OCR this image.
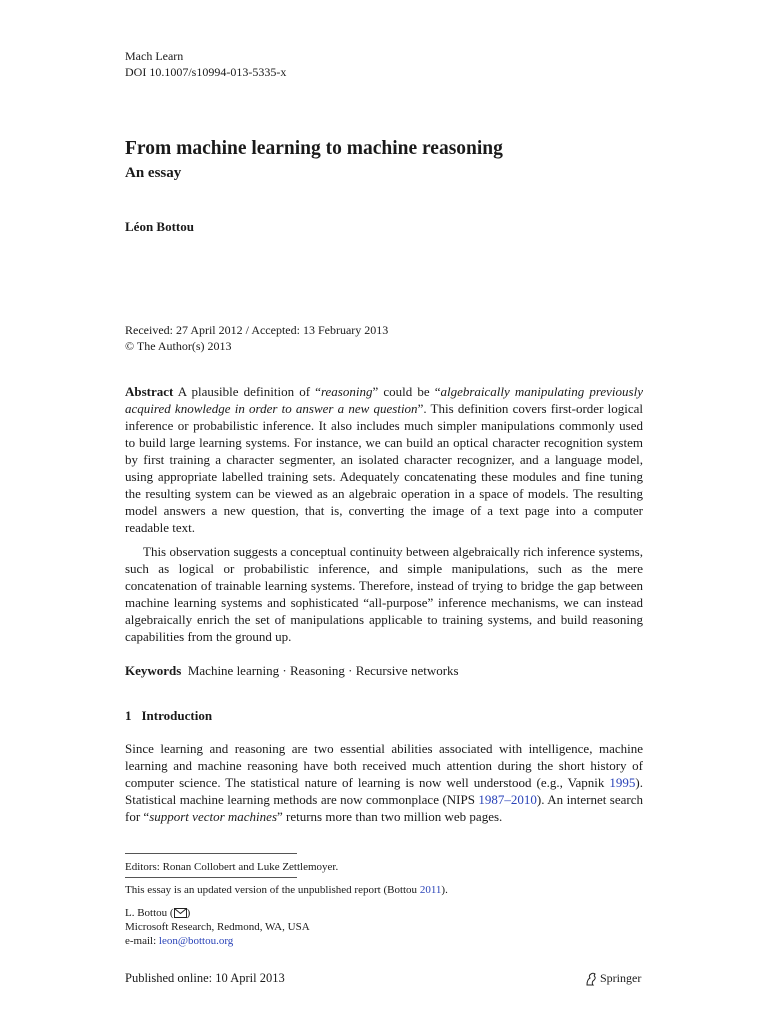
Mach Learn
DOI 10.1007/s10994-013-5335-x
From machine learning to machine reasoning
An essay
Léon Bottou
Received: 27 April 2012 / Accepted: 13 February 2013
© The Author(s) 2013

Abstract A plausible definition of “reasoning” could be “algebraically manipulating previously acquired knowledge in order to answer a new question”. This definition covers first-order logical inference or probabilistic inference. It also includes much simpler manipulations commonly used to build large learning systems. For instance, we can build an optical character recognition system by first training a character segmenter, an isolated character recognizer, and a language model, using appropriate labelled training sets. Adequately concatenating these modules and fine tuning the resulting system can be viewed as an algebraic operation in a space of models. The resulting model answers a new question, that is, converting the image of a text page into a computer readable text.

This observation suggests a conceptual continuity between algebraically rich inference systems, such as logical or probabilistic inference, and simple manipulations, such as the mere concatenation of trainable learning systems. Therefore, instead of trying to bridge the gap between machine learning systems and sophisticated “all-purpose” inference mechanisms, we can instead algebraically enrich the set of manipulations applicable to training systems, and build reasoning capabilities from the ground up.

Keywords Machine learning · Reasoning · Recursive networks

1 Introduction

Since learning and reasoning are two essential abilities associated with intelligence, machine learning and machine reasoning have both received much attention during the short history of computer science. The statistical nature of learning is now well understood (e.g., Vapnik 1995). Statistical machine learning methods are now commonplace (NIPS 1987–2010). An internet search for “support vector machines” returns more than two million web pages.

Editors: Ronan Collobert and Luke Zettlemoyer.
This essay is an updated version of the unpublished report (Bottou 2011).
L. Bottou ( )
Microsoft Research, Redmond, WA, USA
e-mail: leon@bottou.org
Published online: 10 April 2013	Springer
